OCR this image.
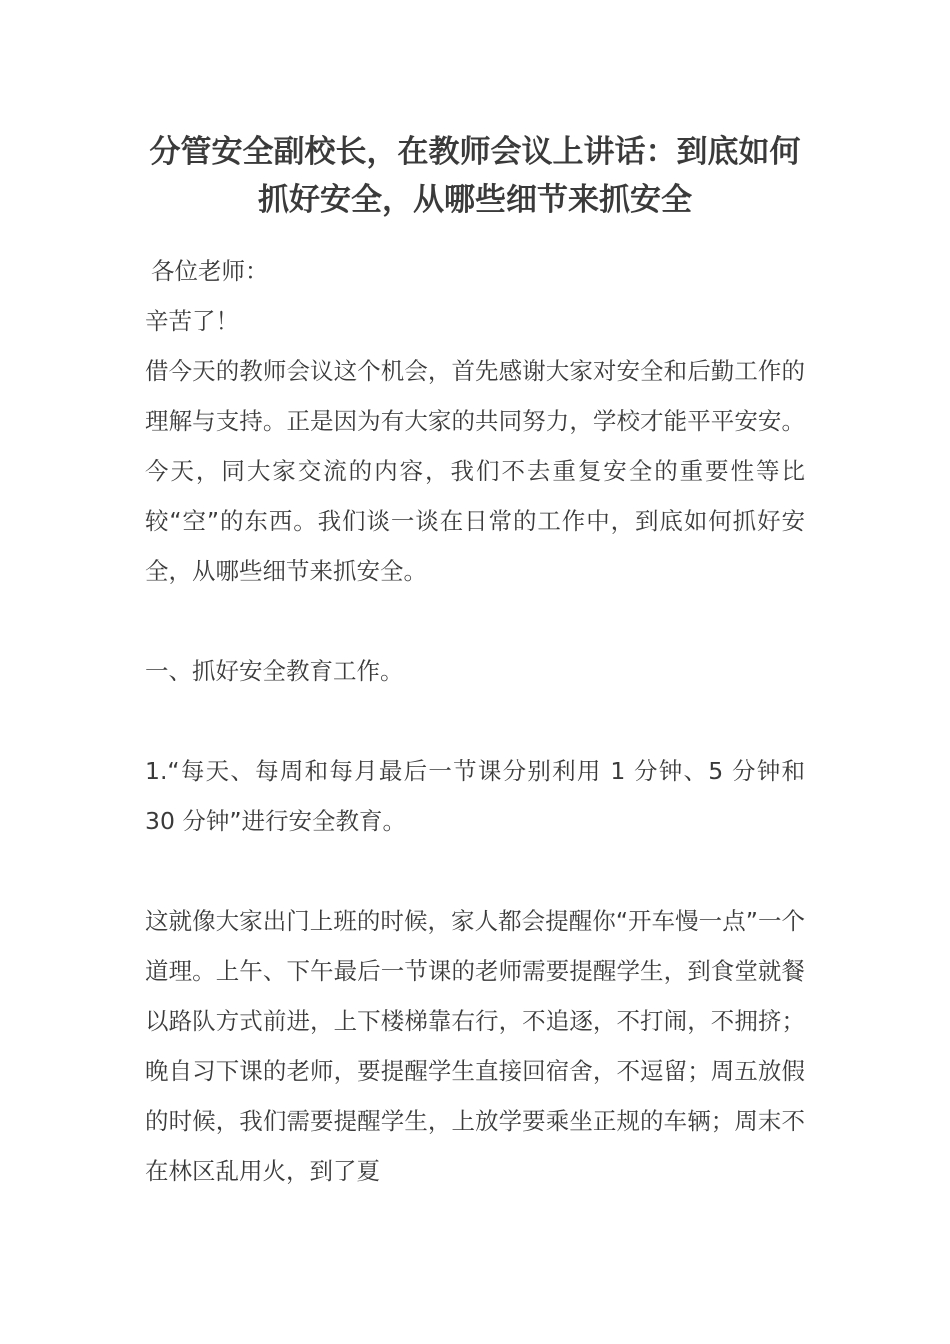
分管安全副校长，在教师会议上讲话：到底如何抓好安全，从哪些细节来抓安全

各位老师：

辛苦了！

借今天的教师会议这个机会，首先感谢大家对安全和后勤工作的理解与支持。正是因为有大家的共同努力，学校才能平平安安。今天，同大家交流的内容，我们不去重复安全的重要性等比较“空”的东西。我们谈一谈在日常的工作中，到底如何抓好安全，从哪些细节来抓安全。

一、抓好安全教育工作。

1.“每天、每周和每月最后一节课分别利用 1 分钟、5 分钟和 30 分钟”进行安全教育。

这就像大家出门上班的时候，家人都会提醒你“开车慢一点”一个道理。上午、下午最后一节课的老师需要提醒学生，到食堂就餐以路队方式前进，上下楼梯靠右行，不追逐，不打闹，不拥挤；晚自习下课的老师，要提醒学生直接回宿舍，不逗留；周五放假的时候，我们需要提醒学生，上放学要乘坐正规的车辆；周末不在林区乱用火，到了夏
